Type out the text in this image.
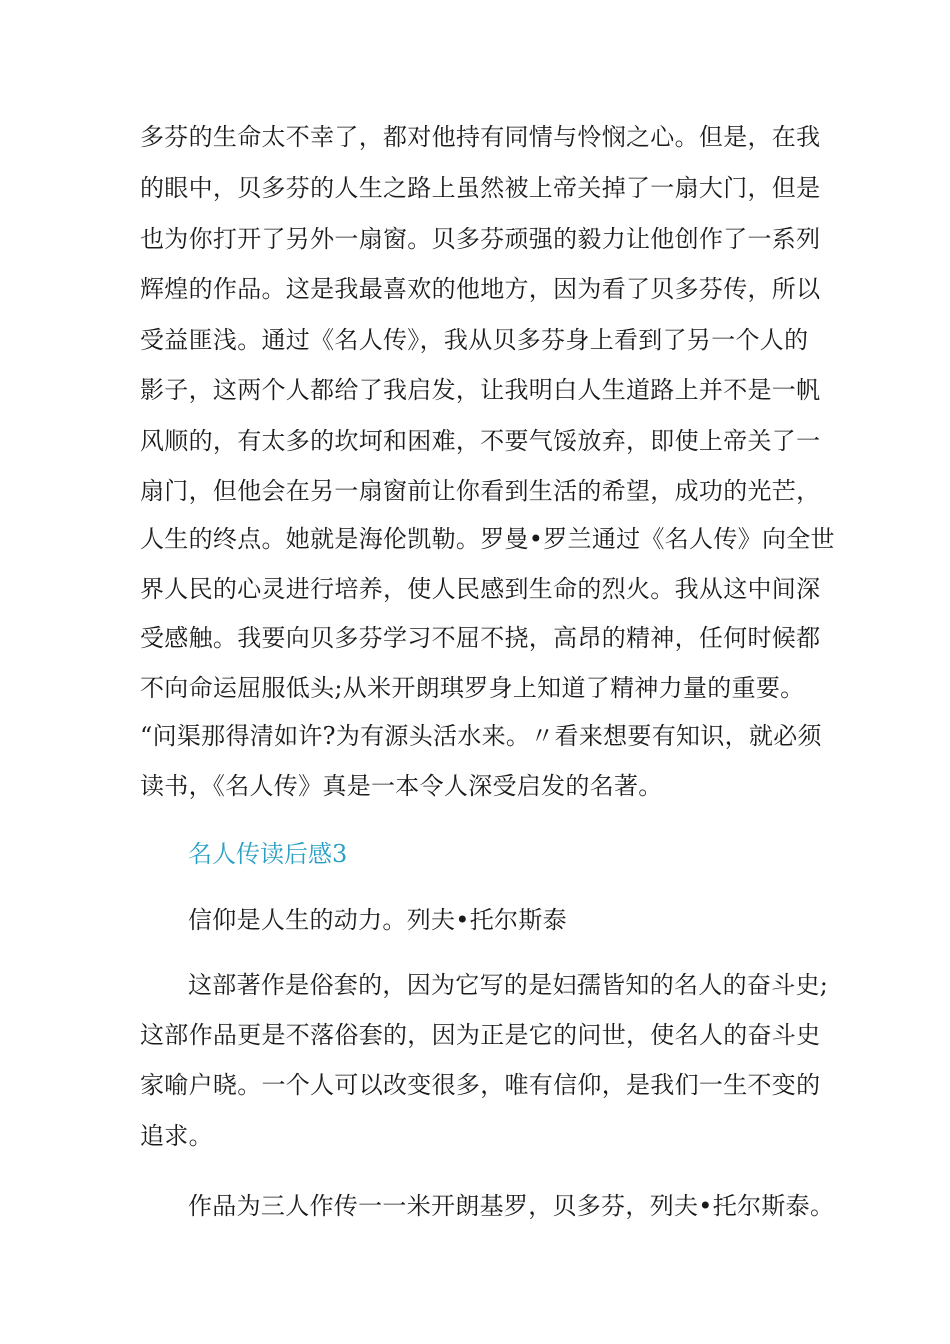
多芬的生命太不幸了，都对他持有同情与怜悯之心。但是，在我
的眼中，贝多芬的人生之路上虽然被上帝关掉了一扇大门，但是
也为你打开了另外一扇窗。贝多芬顽强的毅力让他创作了一系列
辉煌的作品。这是我最喜欢的他地方，因为看了贝多芬传，所以
受益匪浅。通过《名人传》，我从贝多芬身上看到了另一个人的
影子，这两个人都给了我启发，让我明白人生道路上并不是一帆
风顺的，有太多的坎坷和困难，不要气馁放弃，即使上帝关了一
扇门，但他会在另一扇窗前让你看到生活的希望，成功的光芒，
人生的终点。她就是海伦凯勒。罗曼•罗兰通过《名人传》向全世
界人民的心灵进行培养，使人民感到生命的烈火。我从这中间深
受感触。我要向贝多芬学习不屈不挠，高昂的精神，任何时候都
不向命运屈服低头;从米开朗琪罗身上知道了精神力量的重要。
“问渠那得清如许?为有源头活水来。〃看来想要有知识，就必须
读书，《名人传》真是一本令人深受启发的名著。
名人传读后感3
信仰是人生的动力。列夫•托尔斯泰
这部著作是俗套的，因为它写的是妇孺皆知的名人的奋斗史;
这部作品更是不落俗套的，因为正是它的问世，使名人的奋斗史
家喻户晓。一个人可以改变很多，唯有信仰，是我们一生不变的
追求。
作品为三人作传一一米开朗基罗，贝多芬，列夫•托尔斯泰。
